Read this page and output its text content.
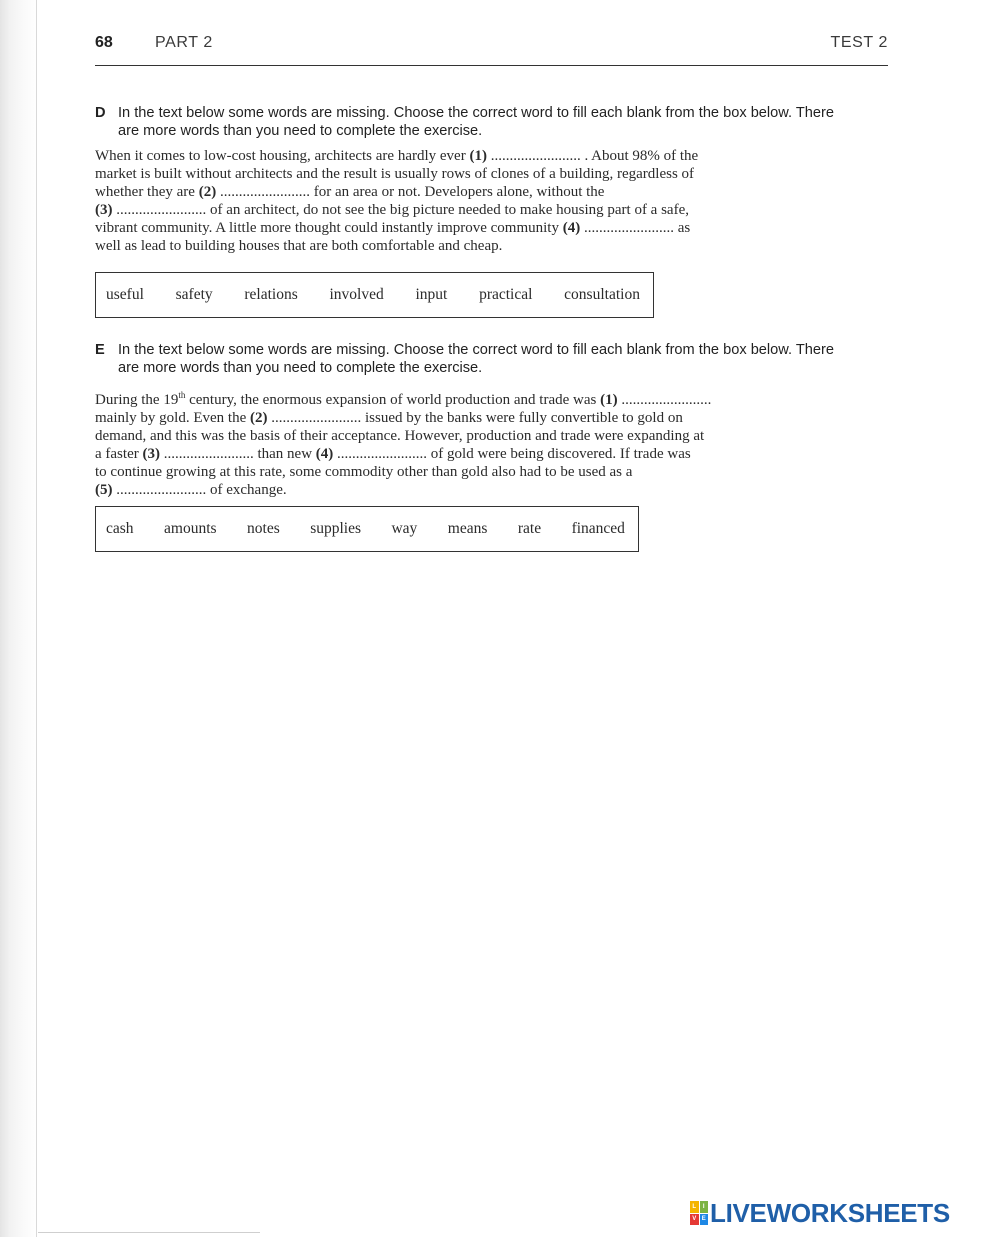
68	PART 2	TEST 2
D In the text below some words are missing. Choose the correct word to fill each blank from the box below. There are more words than you need to complete the exercise.

When it comes to low-cost housing, architects are hardly ever (1) ........................ . About 98% of the
market is built without architects and the result is usually rows of clones of a building, regardless of
whether they are (2) ........................ for an area or not. Developers alone, without the
(3) ........................ of an architect, do not see the big picture needed to make housing part of a safe,
vibrant community. A little more thought could instantly improve community (4) ........................ as
well as lead to building houses that are both comfortable and cheap.

useful safety relations involved input practical consultation
E In the text below some words are missing. Choose the correct word to fill each blank from the box below. There are more words than you need to complete the exercise.

During the 19th century, the enormous expansion of world production and trade was (1) ........................
mainly by gold. Even the (2) ........................ issued by the banks were fully convertible to gold on
demand, and this was the basis of their acceptance. However, production and trade were expanding at
a faster (3) ........................ than new (4) ........................ of gold were being discovered. If trade was
to continue growing at this rate, some commodity other than gold also had to be used as a
(5) ........................ of exchange.

cash amounts notes supplies way means rate financed
L	I
V E LIVEWORKSHEETS
